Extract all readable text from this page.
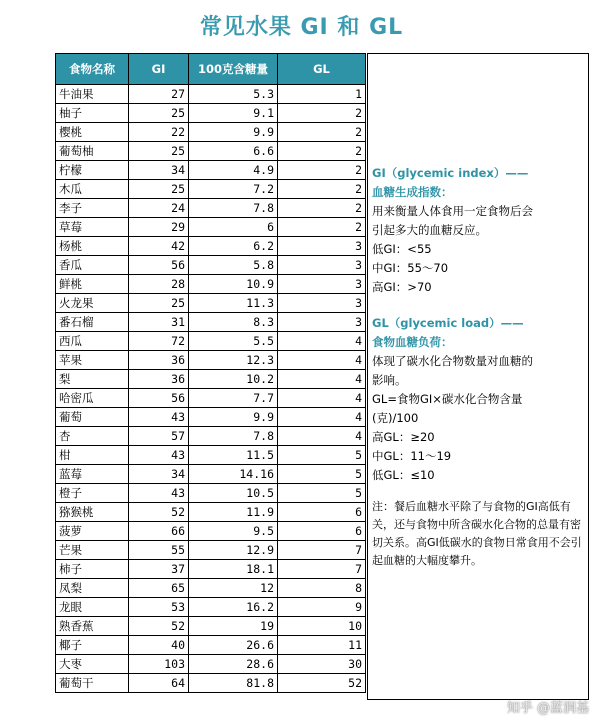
常见水果 GI 和 GL
食物名称	GI	100克含糖量	GL
牛油果	27	5.3	1
柚子	25	9.1	2
樱桃	22	9.9	2
葡萄柚	25	6.6	2
柠檬	34	4.9	2
木瓜	25	7.2	2
李子	24	7.8	2
草莓	29	6	2
杨桃	42	6.2	3
香瓜	56	5.8	3
鲜桃	28	10.9	3
火龙果	25	11.3	3
番石榴	31	8.3	3
西瓜	72	5.5	4
苹果	36	12.3	4
梨	36	10.2	4
哈密瓜	56	7.7	4
葡萄	43	9.9	4
杏	57	7.8	4
柑	43	11.5	5
蓝莓	34	14.16	5
橙子	43	10.5	5
猕猴桃	52	11.9	6
菠萝	66	9.5	6
芒果	55	12.9	7
柿子	37	18.1	7
凤梨	65	12	8
龙眼	53	16.2	9
熟香蕉	52	19	10
椰子	40	26.6	11
大枣	103	28.6	30
葡萄干	64	81.8	52
GI（glycemic index）——
血糖生成指数：
用来衡量人体食用一定食物后会
引起多大的血糖反应。
低GI：<55
中GI：55～70
高GI：>70
GL（glycemic load）——
食物血糖负荷：
体现了碳水化合物数量对血糖的
影响。
GL=食物GI×碳水化合物含量
(克)/100
高GL：≥20
中GL：11～19
低GL：≤10
注：餐后血糖水平除了与食物的GI高低有关，还与食物中所含碳水化合物的总量有密切关系。高GI低碳水的食物日常食用不会引起血糖的大幅度攀升。
知乎 @蓝润基
